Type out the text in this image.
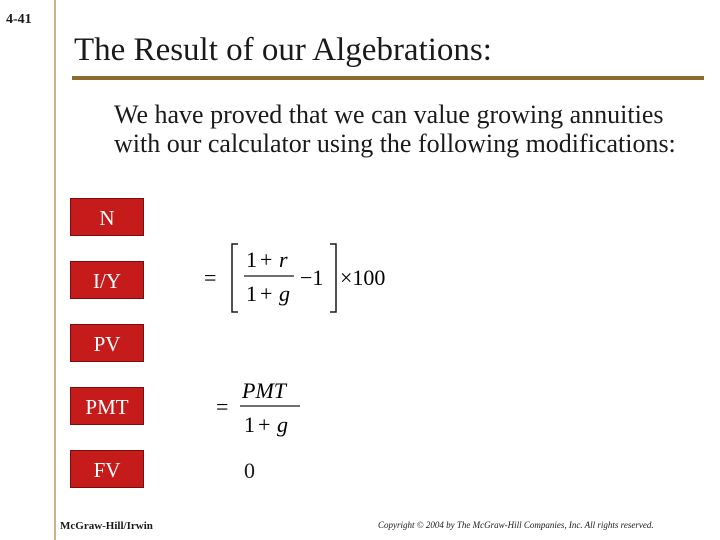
4-41
The Result of our Algebrations:
We have proved that we can value growing annuities with our calculator using the following modifications:
N
I/Y
PV
PMT
FV
=
1 + r
1 + g
−1 ×100
=
PMT
1 + g
0
McGraw-Hill/Irwin	Copyright © 2004 by The McGraw-Hill Companies, Inc. All rights reserved.
